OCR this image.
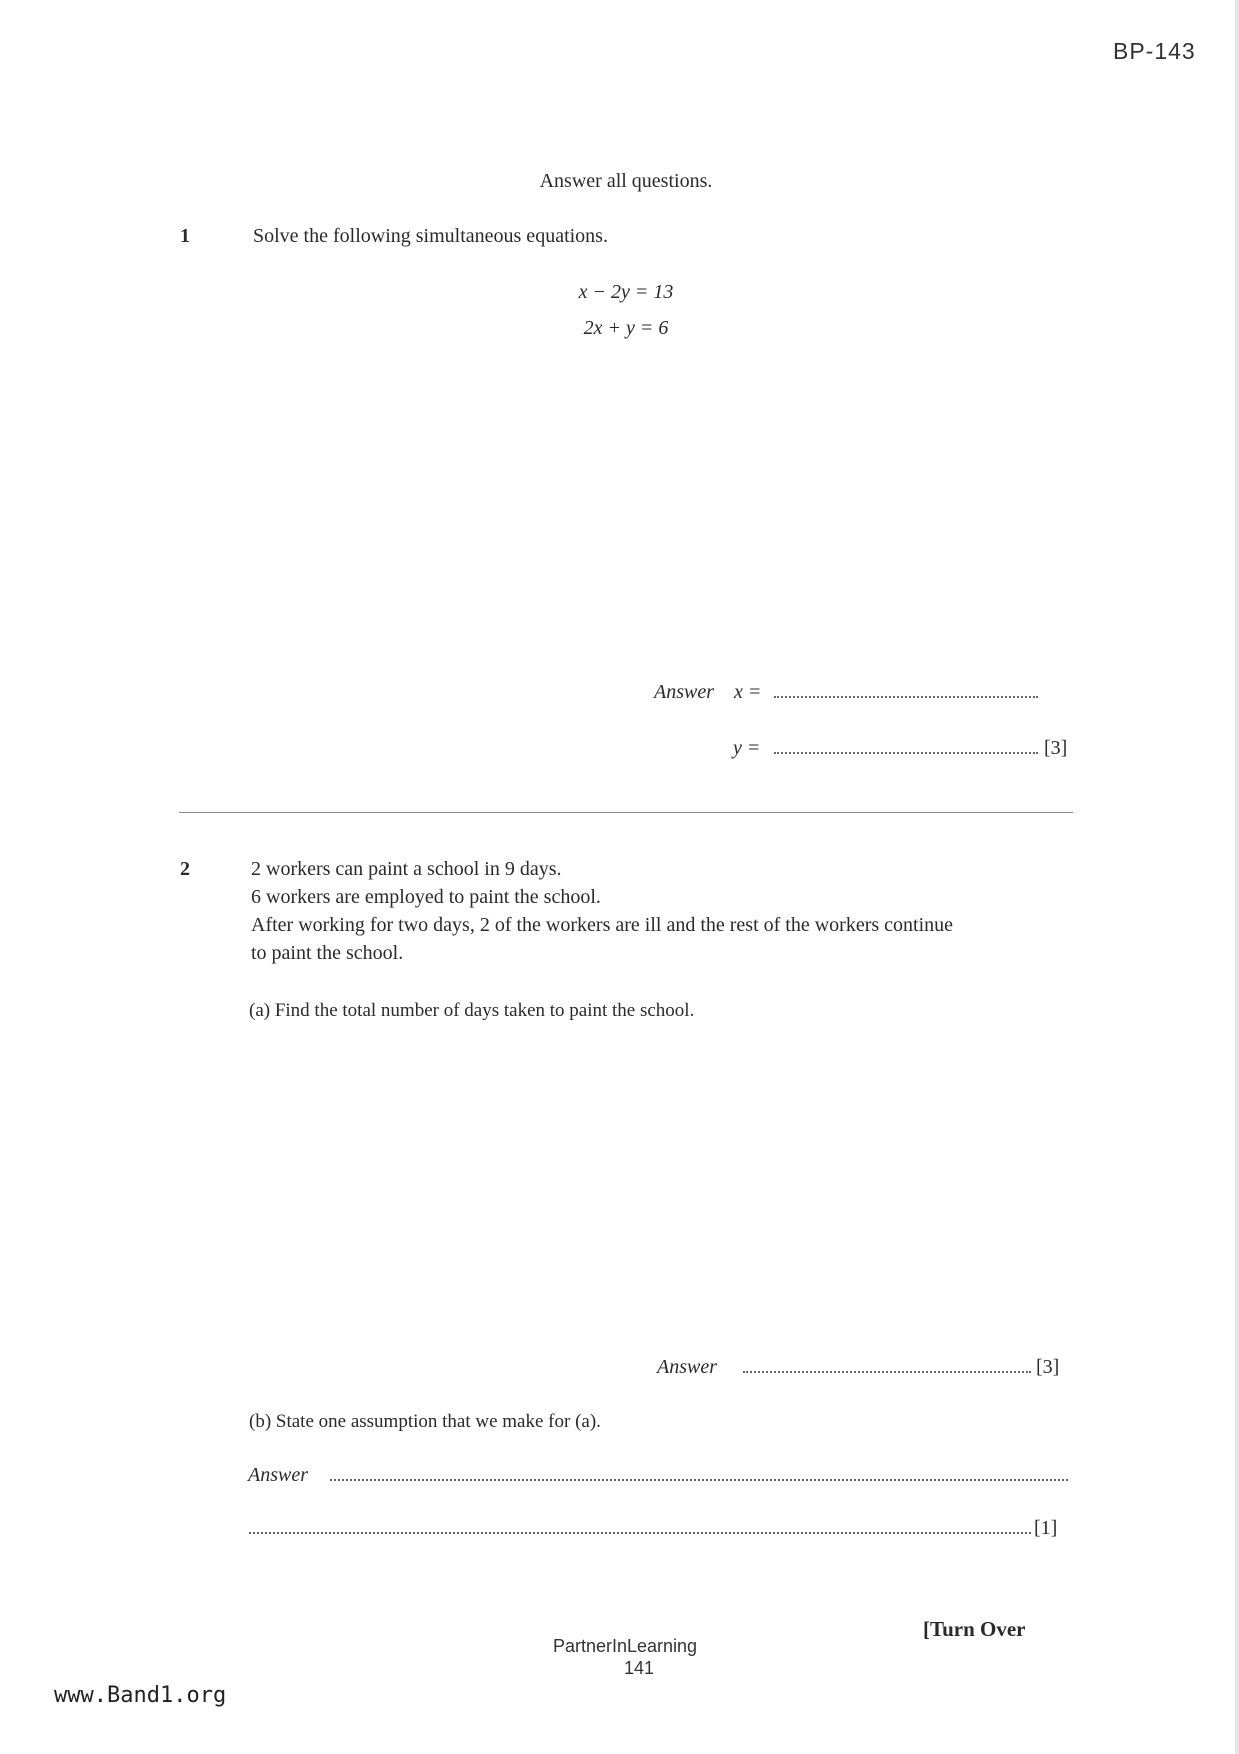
BP-143
Answer all questions.
1	Solve the following simultaneous equations.
x − 2y = 13
2x + y = 6
Answer x =
y =	[3]
2	2 workers can paint a school in 9 days.
6 workers are employed to paint the school.
After working for two days, 2 of the workers are ill and the rest of the workers continue
to paint the school.
(a) Find the total number of days taken to paint the school.
Answer	[3]
(b) State one assumption that we make for (a).
Answer
[1]
[Turn Over
PartnerInLearning
141
www.Band1.org
